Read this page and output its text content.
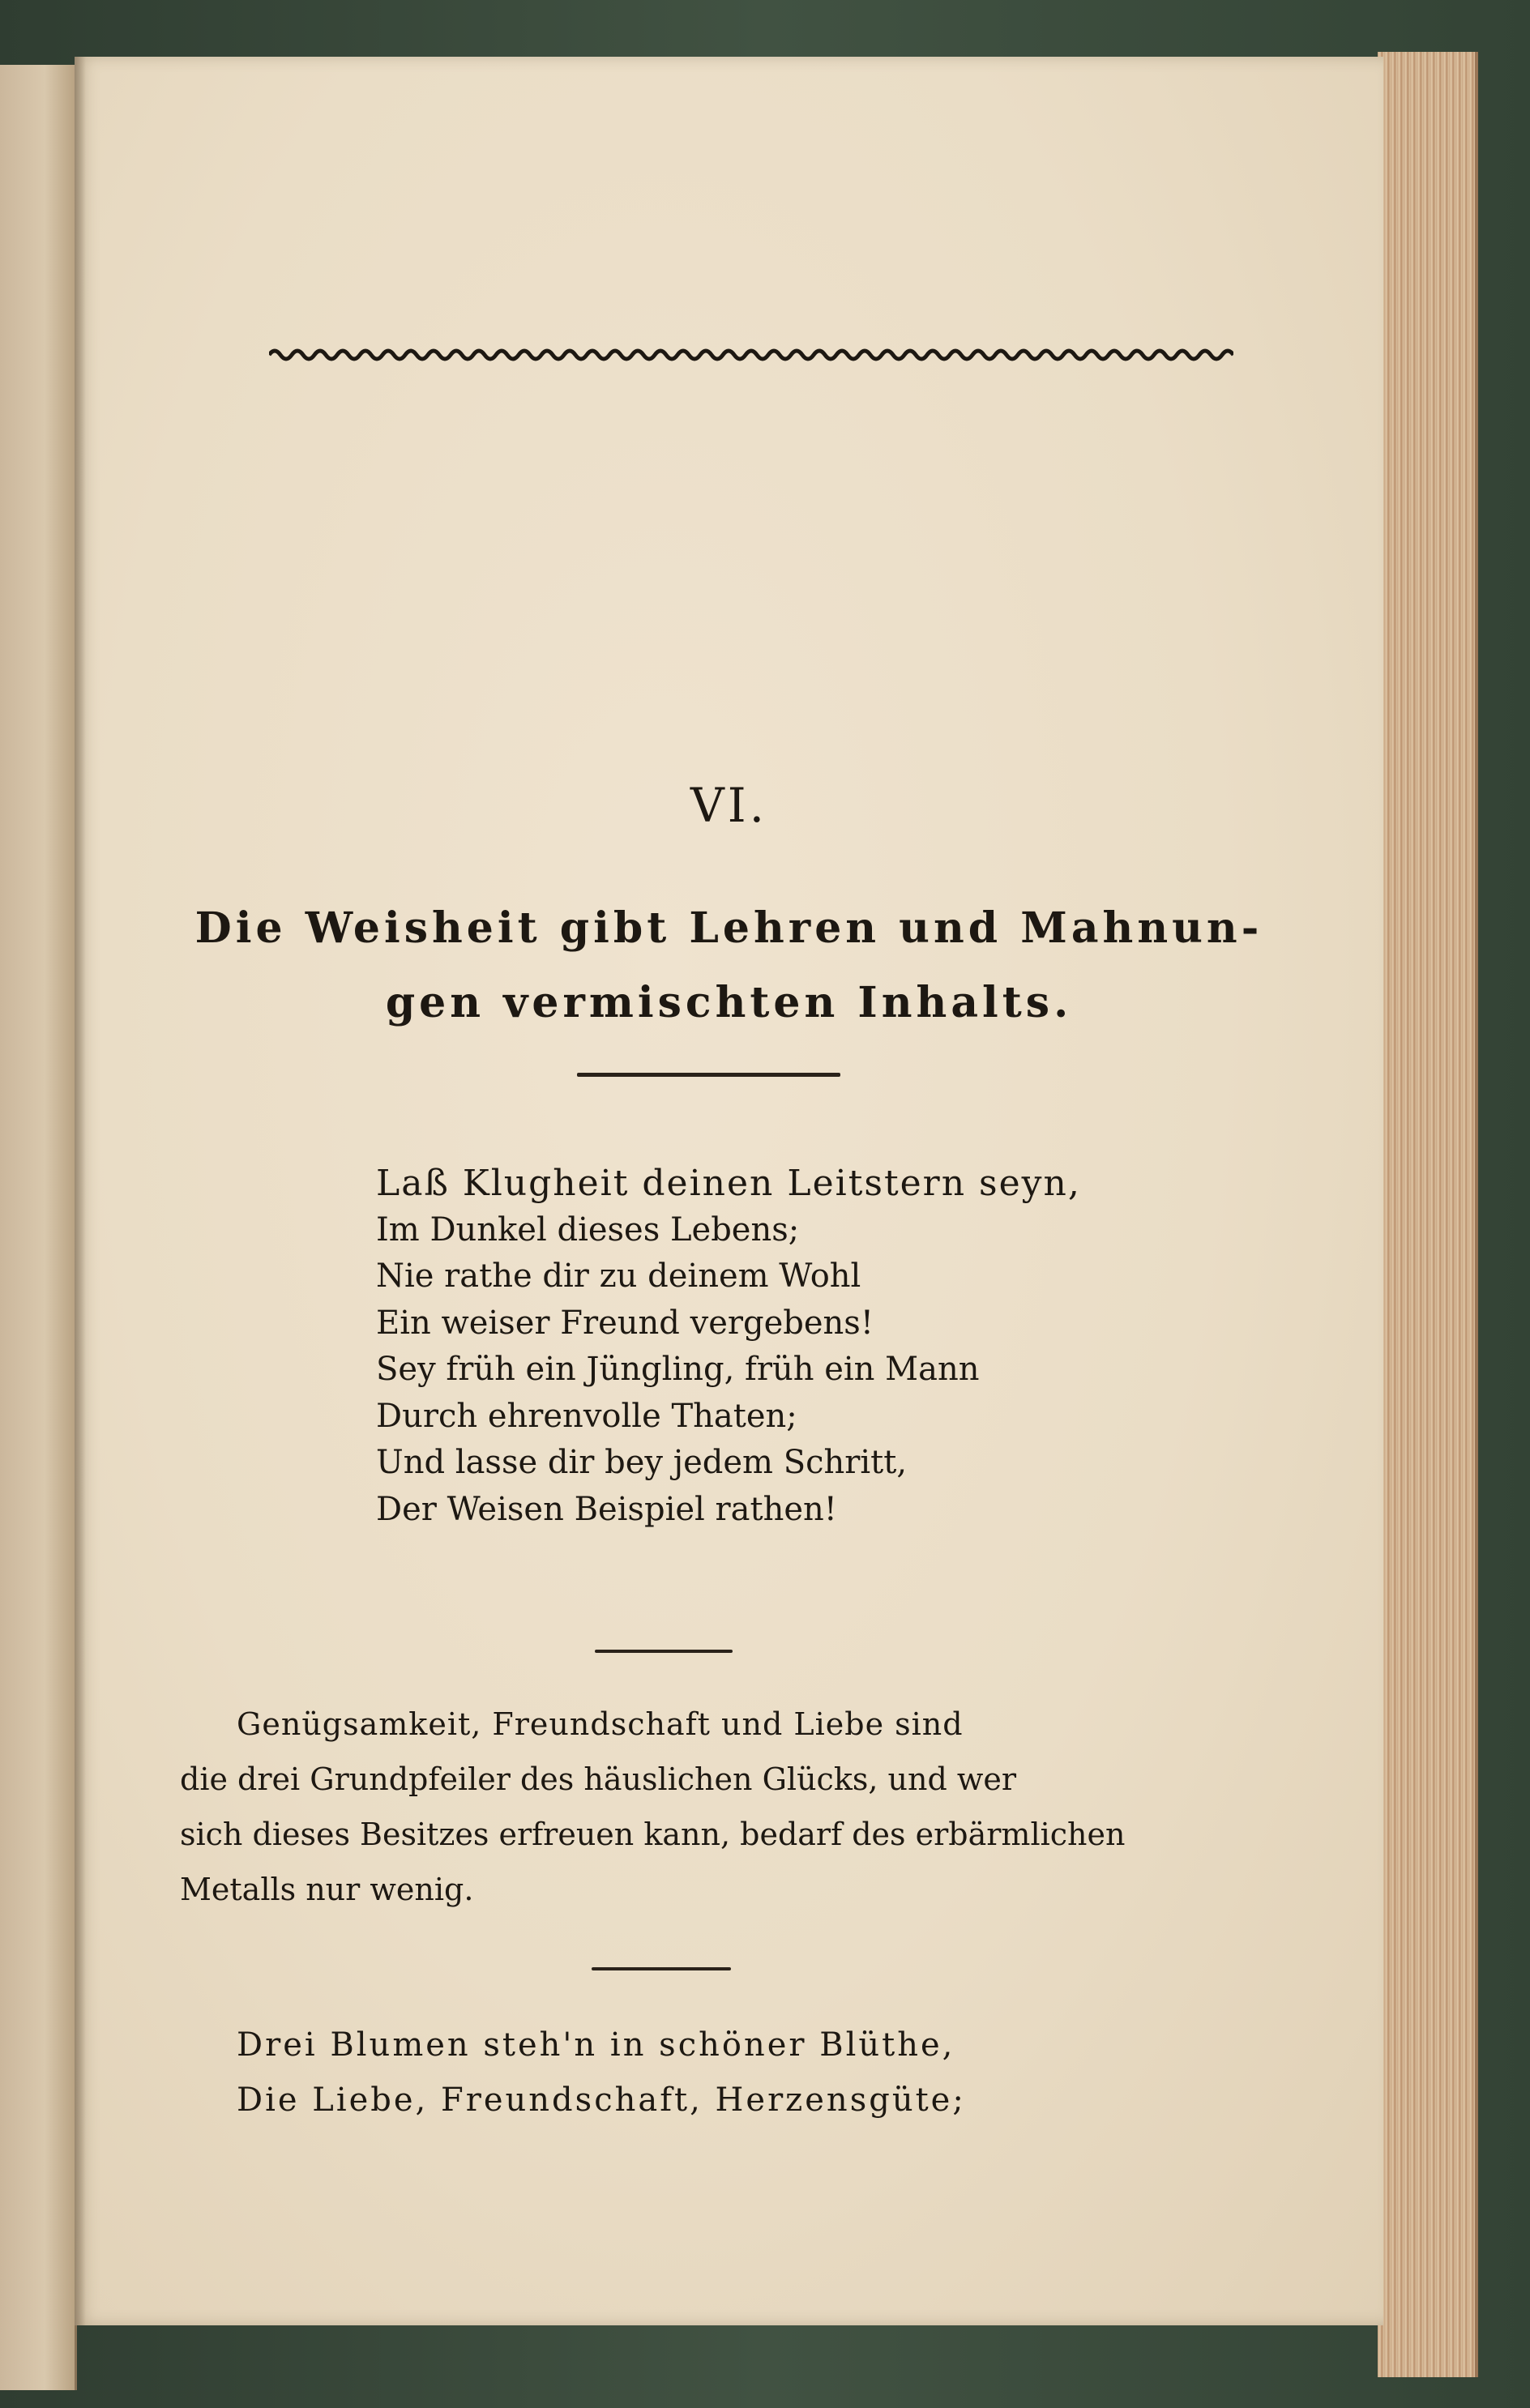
VI.
Die Weisheit gibt Lehren und Mahnun-
gen vermischten Inhalts.
Laß Klugheit deinen Leitstern seyn,
Im Dunkel dieses Lebens;
Nie rathe dir zu deinem Wohl
Ein weiser Freund vergebens!
Sey früh ein Jüngling, früh ein Mann
Durch ehrenvolle Thaten;
Und lasse dir bey jedem Schritt,
Der Weisen Beispiel rathen!
Genügsamkeit, Freundschaft und Liebe sind
die drei Grundpfeiler des häuslichen Glücks, und wer
sich dieses Besitzes erfreuen kann, bedarf des erbärmlichen
Metalls nur wenig.
Drei Blumen steh'n in schöner Blüthe,
Die Liebe, Freundschaft, Herzensgüte;
